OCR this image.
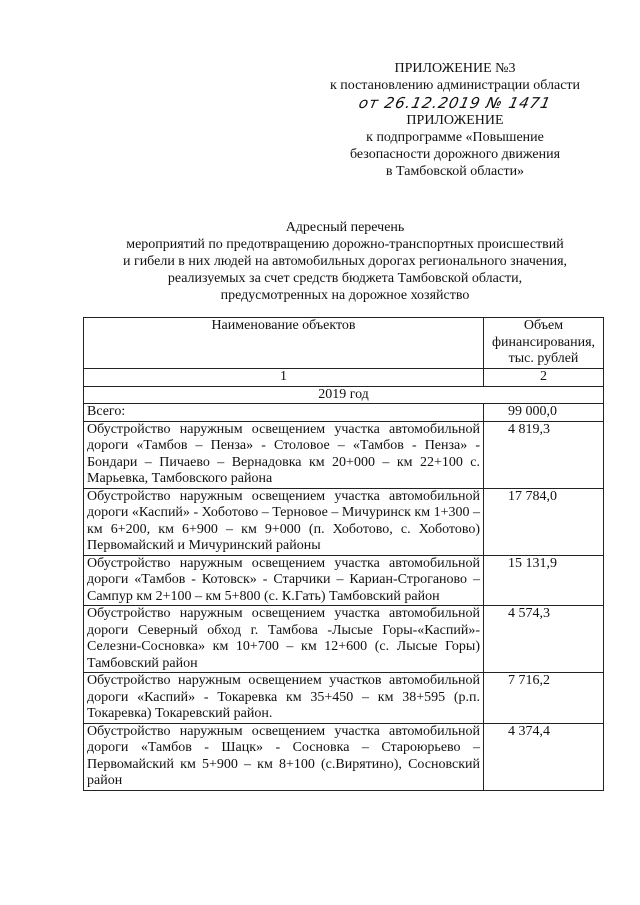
ПРИЛОЖЕНИЕ №3
к постановлению администрации области
от 26.12.2019 № 1471
ПРИЛОЖЕНИЕ
к подпрограмме «Повышение
безопасности дорожного движения
в Тамбовской области»
Адресный перечень
мероприятий по предотвращению дорожно-транспортных происшествий
и гибели в них людей на автомобильных дорогах регионального значения,
реализуемых за счет средств бюджета Тамбовской области,
предусмотренных на дорожное хозяйство
Наименование объектов	Объем финансирования, тыс. рублей
1	2
2019 год	
Всего:	99 000,0
Обустройство наружным освещением участка автомобильной дороги «Тамбов – Пенза» - Столовое – «Тамбов - Пенза» - Бондари – Пичаево – Вернадовка км 20+000 – км 22+100 с. Марьевка, Тамбовского района	4 819,3
Обустройство наружным освещением участка автомобильной дороги «Каспий» - Хоботово – Терновое – Мичуринск км 1+300 – км 6+200, км 6+900 – км 9+000 (п. Хоботово, с. Хоботово) Первомайский и Мичуринский районы	17 784,0
Обустройство наружным освещением участка автомобильной дороги «Тамбов - Котовск» - Старчики – Кариан-Строганово – Сампур км 2+100 – км 5+800 (с. К.Гать) Тамбовский район	15 131,9
Обустройство наружным освещением участка автомобильной дороги Северный обход г. Тамбова -Лысые Горы-«Каспий»-Селезни-Сосновка» км 10+700 – км 12+600 (с. Лысые Горы) Тамбовский район	4 574,3
Обустройство наружным освещением участков автомобильной дороги «Каспий» - Токаревка км 35+450 – км 38+595 (р.п. Токаревка) Токаревский район.	7 716,2
Обустройство наружным освещением участка автомобильной дороги «Тамбов - Шацк» - Сосновка – Староюрьево – Первомайский км 5+900 – км 8+100 (с.Вирятино), Сосновский район	4 374,4
